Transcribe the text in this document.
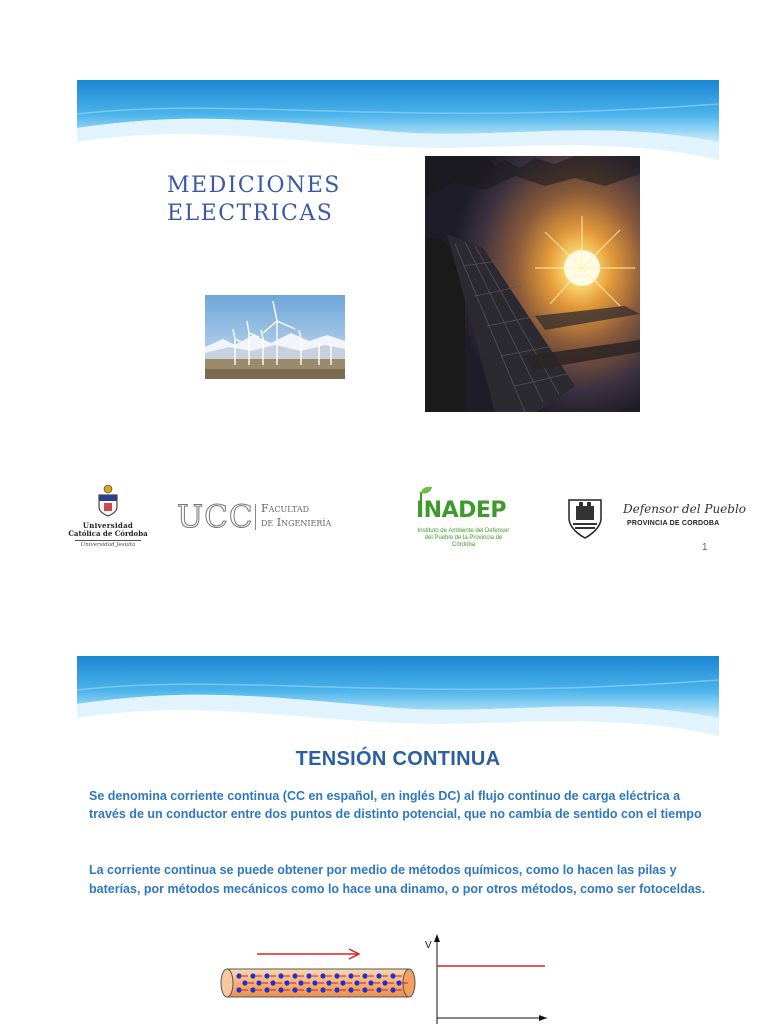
MEDICIONES
ELECTRICAS
Universidad
Católica de Córdoba
Universidad Jesuita
UCC Facultad
de Ingeniería	INADEP
Instituto de Ambiente del Defensor del Pueblo de la Provincia de Córdoba
Defensor del Pueblo
PROVINCIA DE CORDOBA
1
TENSIÓN CONTINUA
Se denomina corriente continua (CC en español, en inglés DC) al flujo continuo de carga eléctrica a través de un conductor entre dos puntos de distinto potencial, que no cambia de sentido con el tiempo
La corriente continua se puede obtener por medio de métodos químicos, como lo hacen las pilas y baterías, por métodos mecánicos como lo hace una dinamo, o por otros métodos, como ser fotoceldas.
V
